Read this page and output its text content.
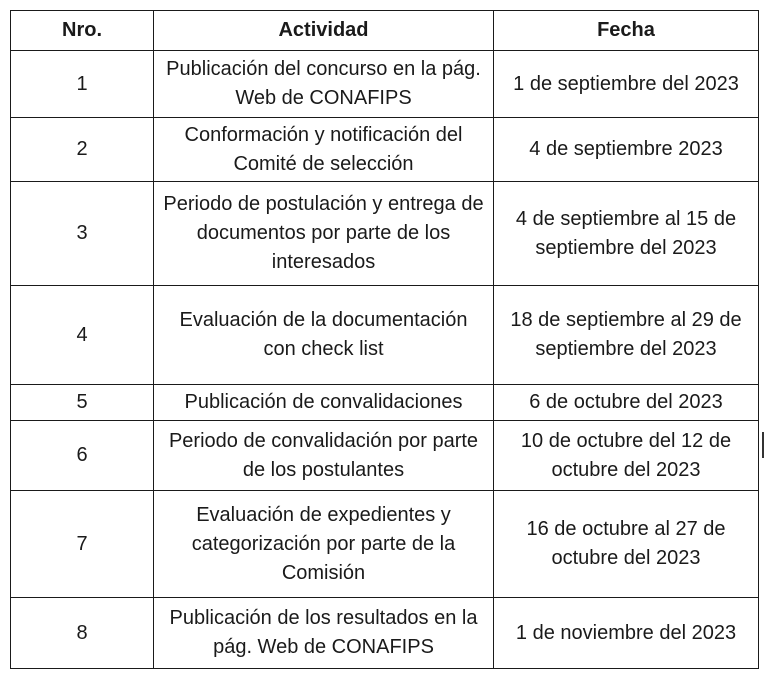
Nro.	Actividad	Fecha
1	Publicación del concurso en la pág. Web de CONAFIPS	1 de septiembre del 2023

2	Conformación y notificación del Comité de selección	4 de septiembre 2023

3	Periodo de postulación y entrega de documentos por parte de los interesados	4 de septiembre al 15 de septiembre del 2023

4	Evaluación de la documentación con check list	18 de septiembre al 29 de septiembre del 2023

5	Publicación de convalidaciones	6 de octubre del 2023

6	Periodo de convalidación por parte de los postulantes	10 de octubre del 12 de octubre del 2023

7	Evaluación de expedientes y categorización por parte de la Comisión	16 de octubre al 27 de octubre del 2023

8	Publicación de los resultados en la pág. Web de CONAFIPS	1 de noviembre del 2023
